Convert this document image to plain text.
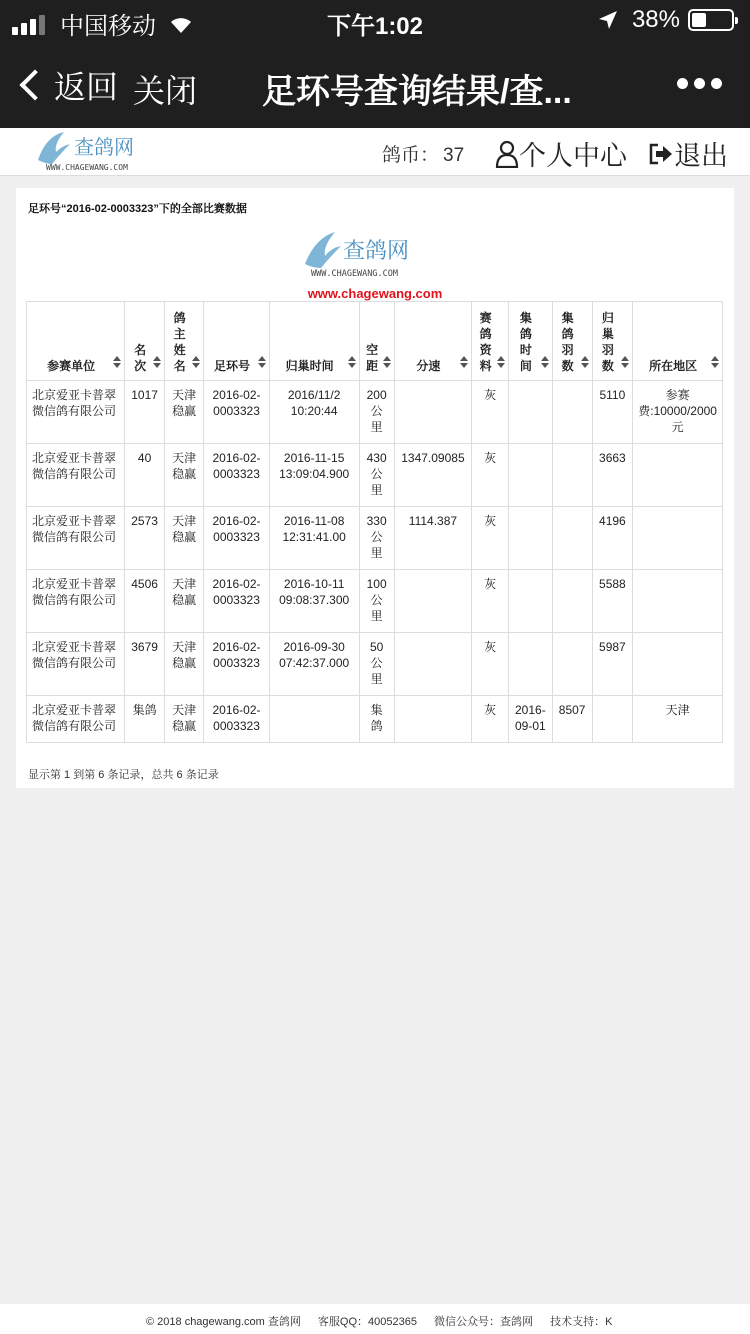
中国移动	下午1:02	38%
返回 关闭 足环号查询结果/查...
查鸽网
WWW.CHAGEWANG.COM
鸽币： 37 个人中心 退出
足环号“2016-02-0003323”下的全部比赛数据
查鸽网
WWW.CHAGEWANG.COM
www.chagewang.com
参赛单位	名次	鸽主姓名	足环号	归巢时间	空距	分速	赛鸽资料	集鸽时间	集鸽羽数	归巢羽数	所在地区

北京爱亚卡普翠微信鸽有限公司	1017	天津稳赢	2016-02-0003323	2016/11/2 10:20:44	200公里		灰			5110	参赛费:10000/2000元
北京爱亚卡普翠微信鸽有限公司	40	天津稳赢	2016-02-0003323	2016-11-15 13:09:04.900	430公里	1347.09085	灰			3663	
北京爱亚卡普翠微信鸽有限公司	2573	天津稳赢	2016-02-0003323	2016-11-08 12:31:41.00	330公里	1114.387	灰			4196	
北京爱亚卡普翠微信鸽有限公司	4506	天津稳赢	2016-02-0003323	2016-10-11 09:08:37.300	100公里		灰			5588	
北京爱亚卡普翠微信鸽有限公司	3679	天津稳赢	2016-02-0003323	2016-09-30 07:42:37.000	50公里		灰			5987	
北京爱亚卡普翠微信鸽有限公司	集鸽	天津稳赢	2016-02-0003323		集鸽		灰	2016-09-01	8507		天津
显示第 1 到第 6 条记录，总共 6 条记录
© 2018 chagewang.com 查鸽网 客服QQ：40052365 微信公众号：查鸽网 技术支持：K
